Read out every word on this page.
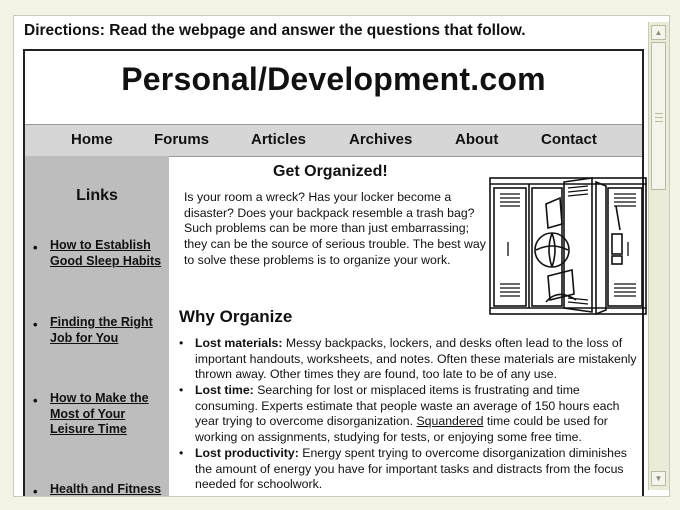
Directions: Read the webpage and answer the questions that follow.
Personal/Development.com
Home	Forums	Articles	Archives	About	Contact
Links
• How to Establish Good Sleep Habits
• Finding the Right Job for You
• How to Make the Most of Your Leisure Time
• Health and Fitness
Get Organized!
Is your room a wreck? Has your locker become a disaster? Does your backpack resemble a trash bag? Such problems can be more than just embarrassing; they can be the source of serious trouble. The best way to solve these problems is to organize your work.
Why Organize
• Lost materials: Messy backpacks, lockers, and desks often lead to the loss of important handouts, worksheets, and notes. Often these materials are mistakenly thrown away. Other times they are found, too late to be of any use.
• Lost time: Searching for lost or misplaced items is frustrating and time consuming. Experts estimate that people waste an average of 150 hours each year trying to overcome disorganization. Squandered time could be used for working on assignments, studying for tests, or enjoying some free time.
• Lost productivity: Energy spent trying to overcome disorganization diminishes the amount of energy you have for important tasks and distracts from the focus needed for schoolwork.
▲
▼
